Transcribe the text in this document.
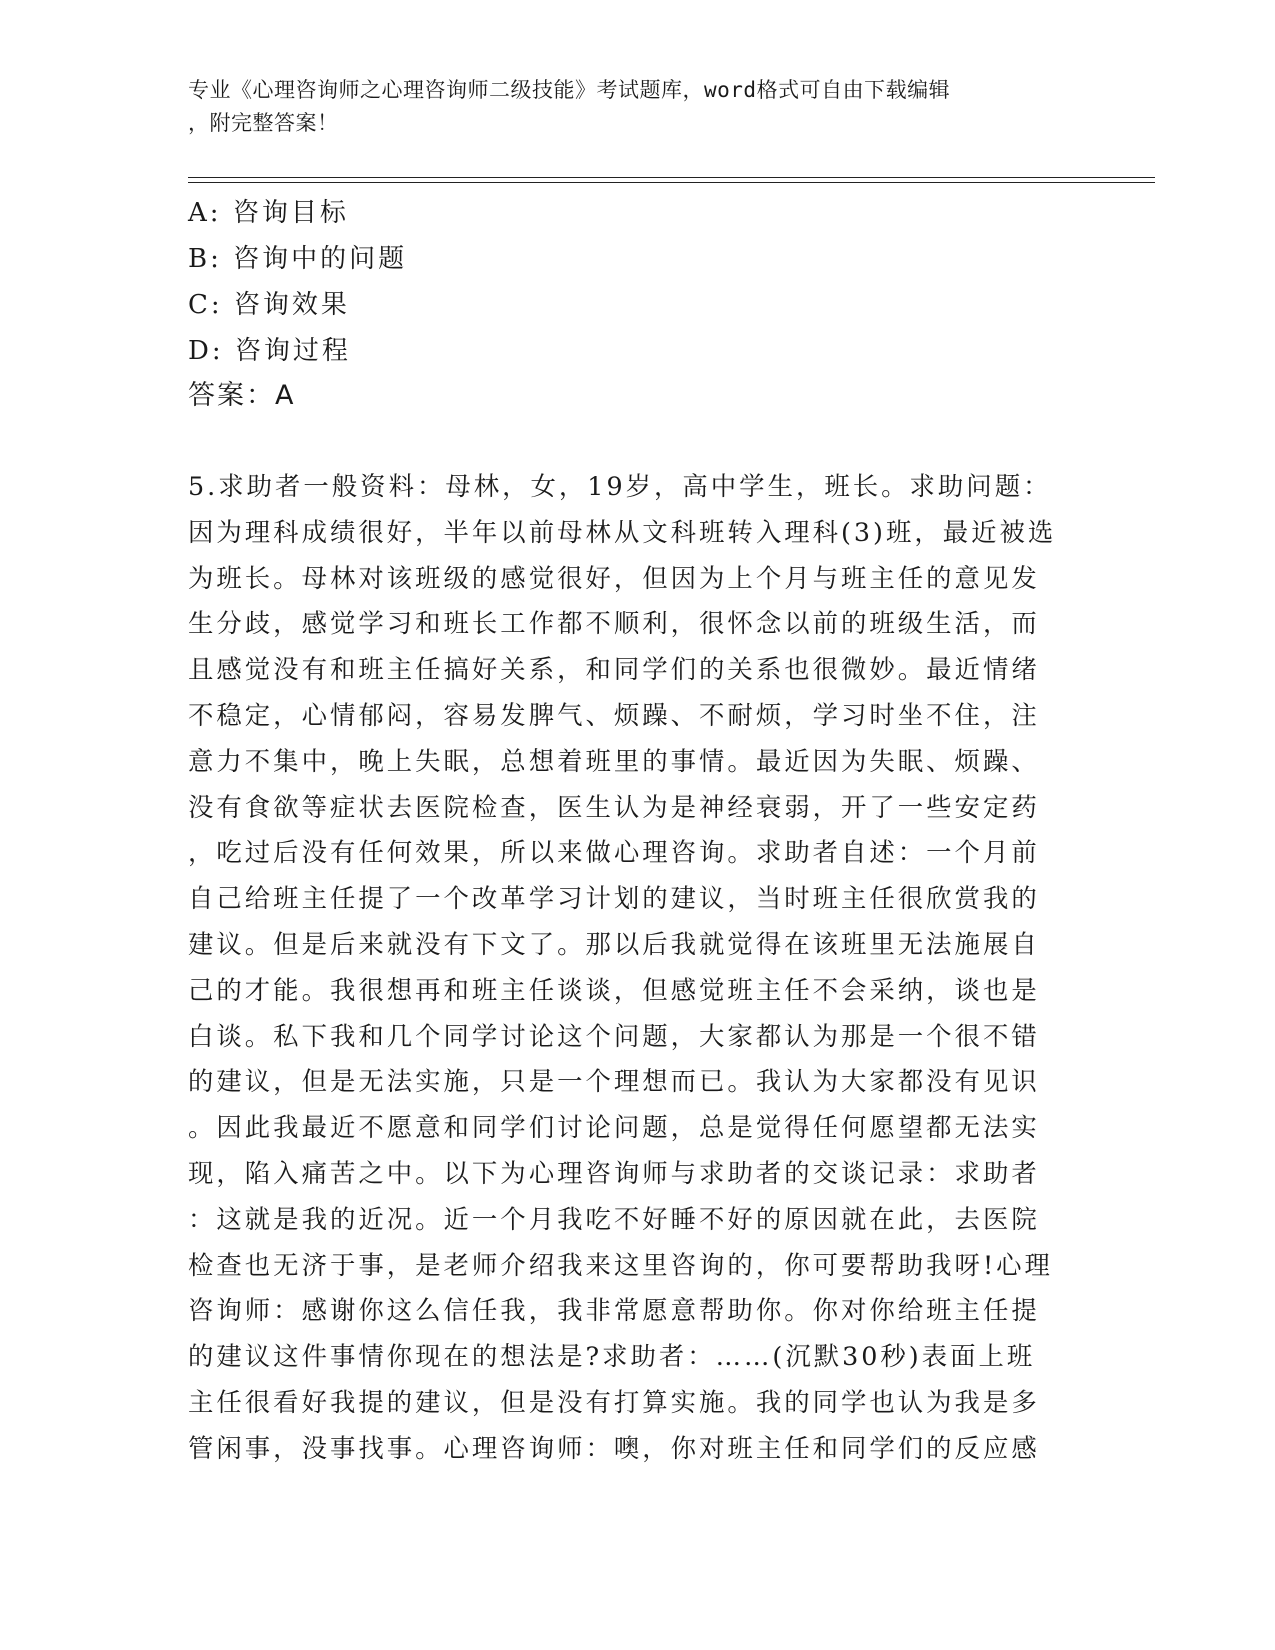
专业《心理咨询师之心理咨询师二级技能》考试题库，word格式可自由下载编辑
，附完整答案！
A: 咨询目标
B: 咨询中的问题
C: 咨询效果
D: 咨询过程
答案：A
5.求助者一般资料：母林，女，19岁，高中学生，班长。求助问题：
因为理科成绩很好，半年以前母林从文科班转入理科(3)班，最近被选
为班长。母林对该班级的感觉很好，但因为上个月与班主任的意见发
生分歧，感觉学习和班长工作都不顺利，很怀念以前的班级生活，而
且感觉没有和班主任搞好关系，和同学们的关系也很微妙。最近情绪
不稳定，心情郁闷，容易发脾气、烦躁、不耐烦，学习时坐不住，注
意力不集中，晚上失眠，总想着班里的事情。最近因为失眠、烦躁、
没有食欲等症状去医院检查，医生认为是神经衰弱，开了一些安定药
，吃过后没有任何效果，所以来做心理咨询。求助者自述：一个月前
自己给班主任提了一个改革学习计划的建议，当时班主任很欣赏我的
建议。但是后来就没有下文了。那以后我就觉得在该班里无法施展自
己的才能。我很想再和班主任谈谈，但感觉班主任不会采纳，谈也是
白谈。私下我和几个同学讨论这个问题，大家都认为那是一个很不错
的建议，但是无法实施，只是一个理想而已。我认为大家都没有见识
。因此我最近不愿意和同学们讨论问题，总是觉得任何愿望都无法实
现，陷入痛苦之中。以下为心理咨询师与求助者的交谈记录：求助者
：这就是我的近况。近一个月我吃不好睡不好的原因就在此，去医院
检查也无济于事，是老师介绍我来这里咨询的，你可要帮助我呀!心理
咨询师：感谢你这么信任我，我非常愿意帮助你。你对你给班主任提
的建议这件事情你现在的想法是?求助者：……(沉默30秒)表面上班
主任很看好我提的建议，但是没有打算实施。我的同学也认为我是多
管闲事，没事找事。心理咨询师：噢，你对班主任和同学们的反应感
